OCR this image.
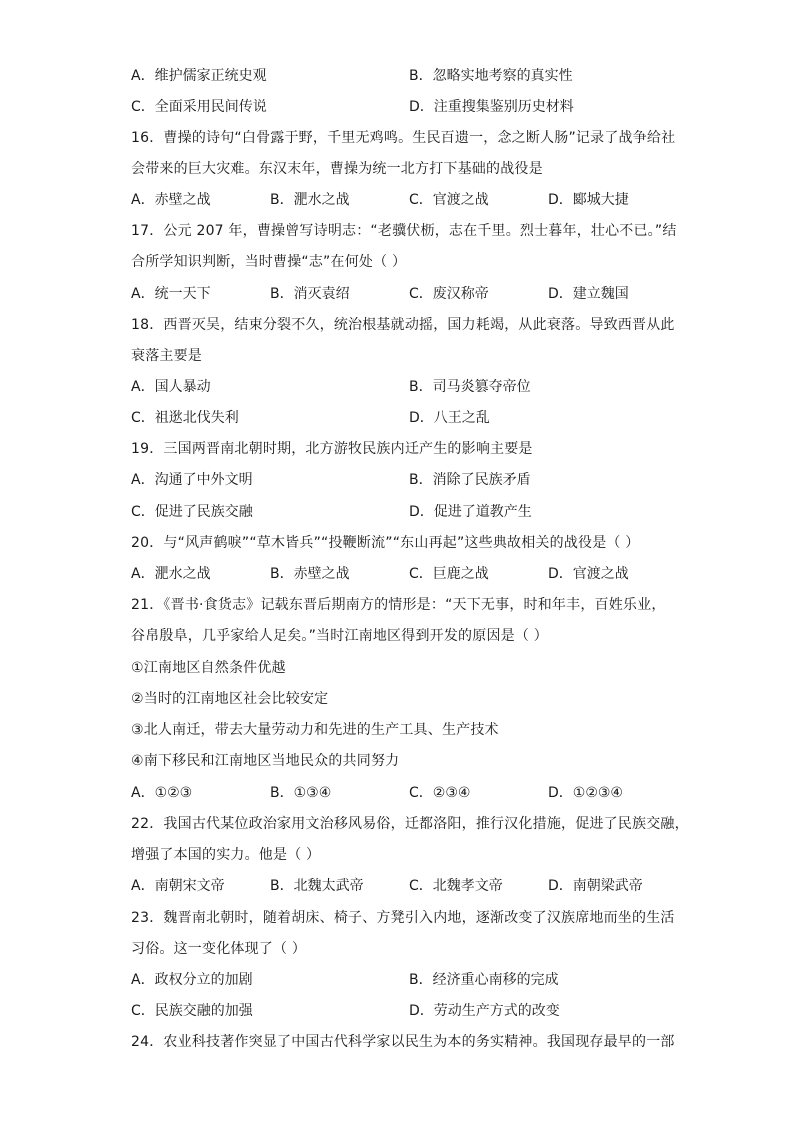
A．维护儒家正统史观	B．忽略实地考察的真实性
C．全面采用民间传说	D．注重搜集鉴别历史材料
16．曹操的诗句“白骨露于野，千里无鸡鸣。生民百遗一，念之断人肠”记录了战争给社
会带来的巨大灾难。东汉末年，曹操为统一北方打下基础的战役是
A．赤壁之战	B．淝水之战	C．官渡之战	D．郾城大捷
17．公元 207 年，曹操曾写诗明志：“老骥伏枥，志在千里。烈士暮年，壮心不已。”结
合所学知识判断，当时曹操“志”在何处（ ）
A．统一天下	B．消灭袁绍	C．废汉称帝	D．建立魏国
18．西晋灭吴，结束分裂不久，统治根基就动摇，国力耗竭，从此衰落。导致西晋从此
衰落主要是
A．国人暴动	B．司马炎篡夺帝位
C．祖逖北伐失利	D．八王之乱
19．三国两晋南北朝时期，北方游牧民族内迁产生的影响主要是
A．沟通了中外文明	B．消除了民族矛盾
C．促进了民族交融	D．促进了道教产生
20．与“风声鹤唳”“草木皆兵”“投鞭断流”“东山再起”这些典故相关的战役是（ ）
A．淝水之战	B．赤壁之战	C．巨鹿之战	D．官渡之战
21．《晋书·食货志》记载东晋后期南方的情形是：“天下无事，时和年丰，百姓乐业，
谷帛殷阜，几乎家给人足矣。”当时江南地区得到开发的原因是（ ）
①江南地区自然条件优越
②当时的江南地区社会比较安定
③北人南迁，带去大量劳动力和先进的生产工具、生产技术
④南下移民和江南地区当地民众的共同努力
A．①②③	B．①③④	C．②③④	D．①②③④
22．我国古代某位政治家用文治移风易俗，迁都洛阳，推行汉化措施，促进了民族交融，
增强了本国的实力。他是（ ）
A．南朝宋文帝	B．北魏太武帝	C．北魏孝文帝	D．南朝梁武帝
23．魏晋南北朝时，随着胡床、椅子、方凳引入内地，逐渐改变了汉族席地而坐的生活
习俗。这一变化体现了（ ）
A．政权分立的加剧	B．经济重心南移的完成
C．民族交融的加强	D．劳动生产方式的改变
24．农业科技著作突显了中国古代科学家以民生为本的务实精神。我国现存最早的一部
